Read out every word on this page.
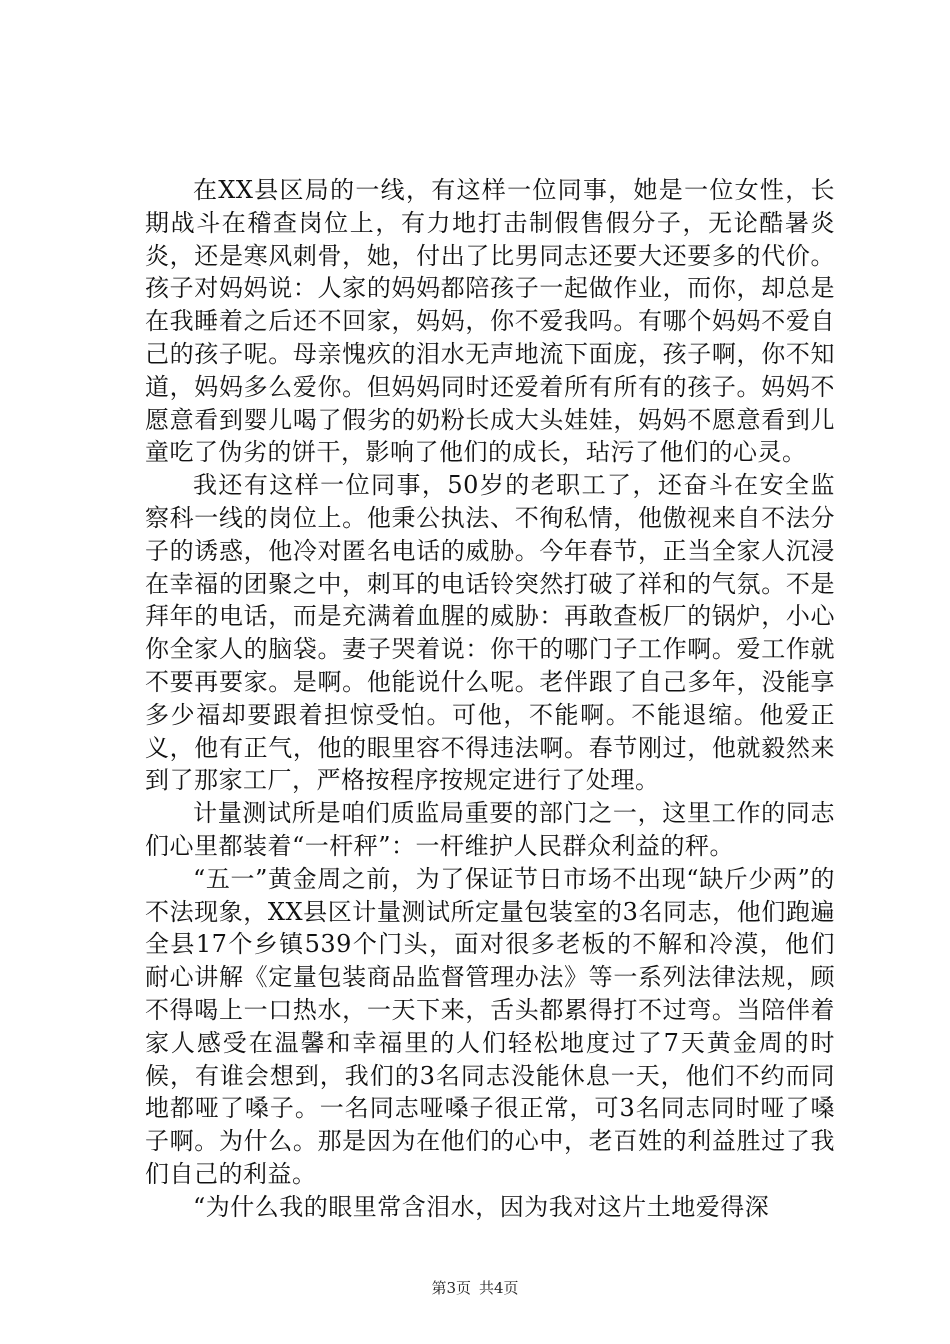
在XX县区局的一线，有这样一位同事，她是一位女性，长期战斗在稽查岗位上，有力地打击制假售假分子，无论酷暑炎炎，还是寒风刺骨，她，付出了比男同志还要大还要多的代价。孩子对妈妈说：人家的妈妈都陪孩子一起做作业，而你，却总是在我睡着之后还不回家，妈妈，你不爱我吗。有哪个妈妈不爱自己的孩子呢。母亲愧疚的泪水无声地流下面庞，孩子啊，你不知道，妈妈多么爱你。但妈妈同时还爱着所有所有的孩子。妈妈不愿意看到婴儿喝了假劣的奶粉长成大头娃娃，妈妈不愿意看到儿童吃了伪劣的饼干，影响了他们的成长，玷污了他们的心灵。

我还有这样一位同事，50岁的老职工了，还奋斗在安全监察科一线的岗位上。他秉公执法、不徇私情，他傲视来自不法分子的诱惑，他冷对匿名电话的威胁。今年春节，正当全家人沉浸在幸福的团聚之中，刺耳的电话铃突然打破了祥和的气氛。不是拜年的电话，而是充满着血腥的威胁：再敢查板厂的锅炉，小心你全家人的脑袋。妻子哭着说：你干的哪门子工作啊。爱工作就不要再要家。是啊。他能说什么呢。老伴跟了自己多年，没能享多少福却要跟着担惊受怕。可他，不能啊。不能退缩。他爱正义，他有正气，他的眼里容不得违法啊。春节刚过，他就毅然来到了那家工厂，严格按程序按规定进行了处理。

计量测试所是咱们质监局重要的部门之一，这里工作的同志们心里都装着“一杆秤”：一杆维护人民群众利益的秤。

“五一”黄金周之前，为了保证节日市场不出现“缺斤少两”的不法现象，XX县区计量测试所定量包装室的3名同志，他们跑遍全县17个乡镇539个门头，面对很多老板的不解和冷漠，他们耐心讲解《定量包装商品监督管理办法》等一系列法律法规，顾不得喝上一口热水，一天下来，舌头都累得打不过弯。当陪伴着家人感受在温馨和幸福里的人们轻松地度过了7天黄金周的时候，有谁会想到，我们的3名同志没能休息一天，他们不约而同地都哑了嗓子。一名同志哑嗓子很正常，可3名同志同时哑了嗓子啊。为什么。那是因为在他们的心中，老百姓的利益胜过了我们自己的利益。

“为什么我的眼里常含泪水，因为我对这片土地爱得深

第3页 共4页
